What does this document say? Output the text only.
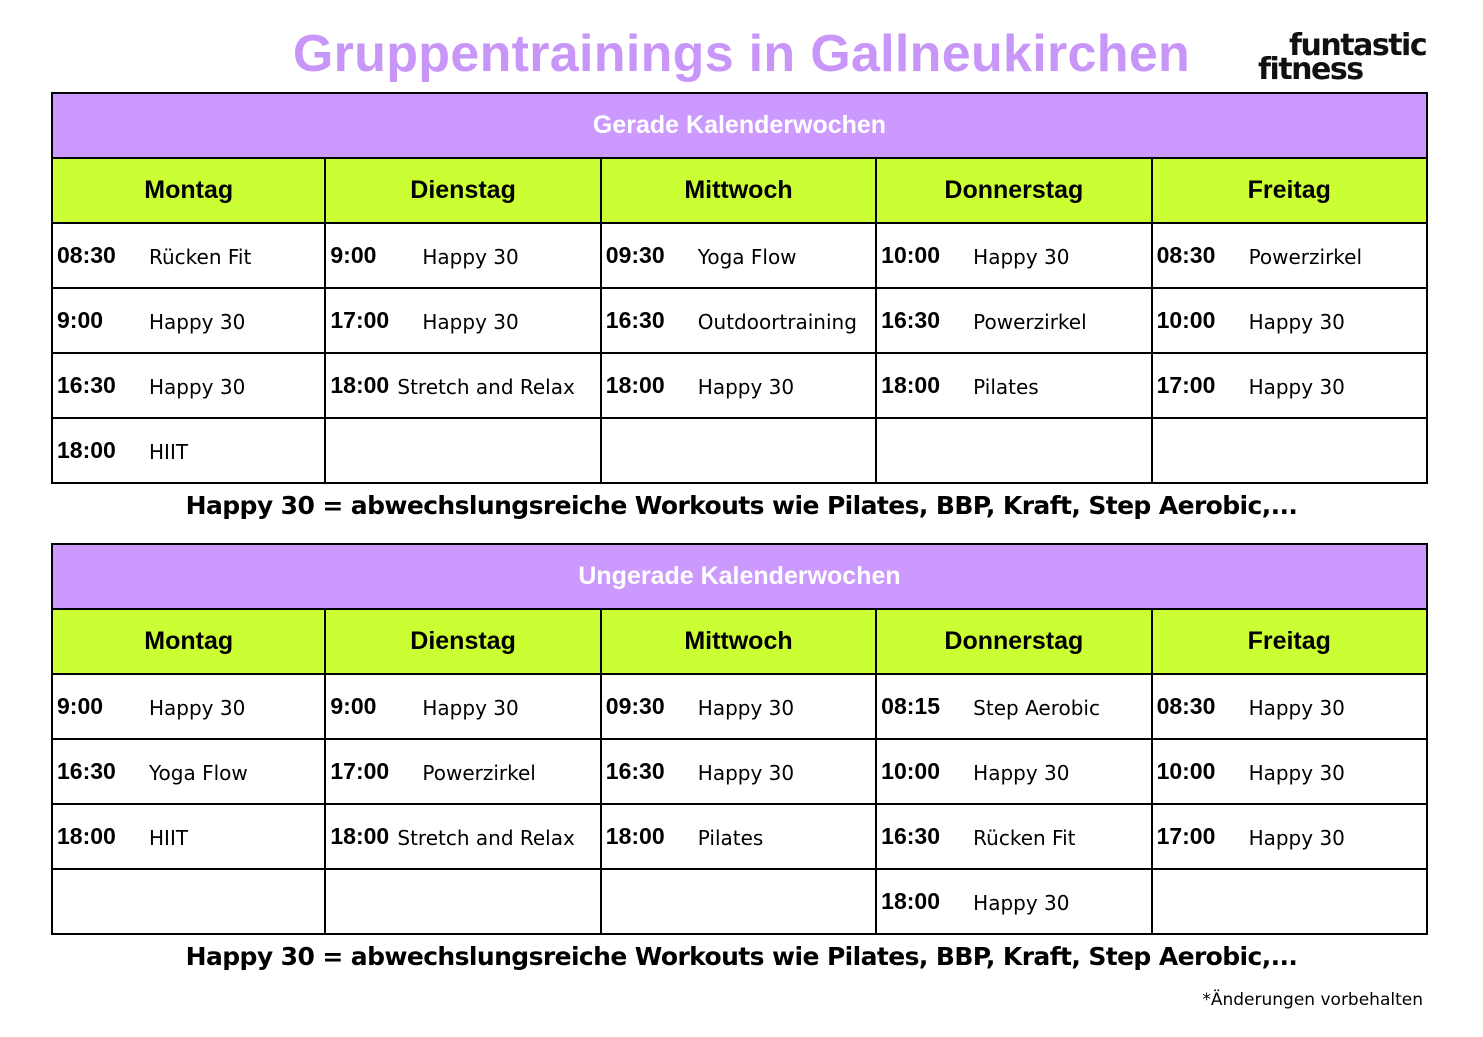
Gruppentrainings in Gallneukirchen	funtastic
fitness
Gerade Kalenderwochen
Montag
08:30 Rücken Fit
9:00 Happy 30
16:30 Happy 30
18:00 HIIT
Dienstag
9:00 Happy 30
17:00 Happy 30
18:00 Stretch and Relax
Mittwoch
09:30 Yoga Flow
16:30 Outdoortraining
18:00 Happy 30
Donnerstag
10:00 Happy 30
16:30 Powerzirkel
18:00 Pilates
Freitag
08:30 Powerzirkel
10:00 Happy 30
17:00 Happy 30
Happy 30 = abwechslungsreiche Workouts wie Pilates, BBP, Kraft, Step Aerobic,...
Ungerade Kalenderwochen
Montag
9:00 Happy 30
16:30 Yoga Flow
18:00 HIIT
Dienstag
9:00 Happy 30
17:00 Powerzirkel
18:00 Stretch and Relax
Mittwoch
09:30 Happy 30
16:30 Happy 30
18:00 Pilates
Donnerstag
08:15 Step Aerobic
10:00 Happy 30
16:30 Rücken Fit
18:00 Happy 30
Freitag
08:30 Happy 30
10:00 Happy 30
17:00 Happy 30
Happy 30 = abwechslungsreiche Workouts wie Pilates, BBP, Kraft, Step Aerobic,...
*Änderungen vorbehalten
